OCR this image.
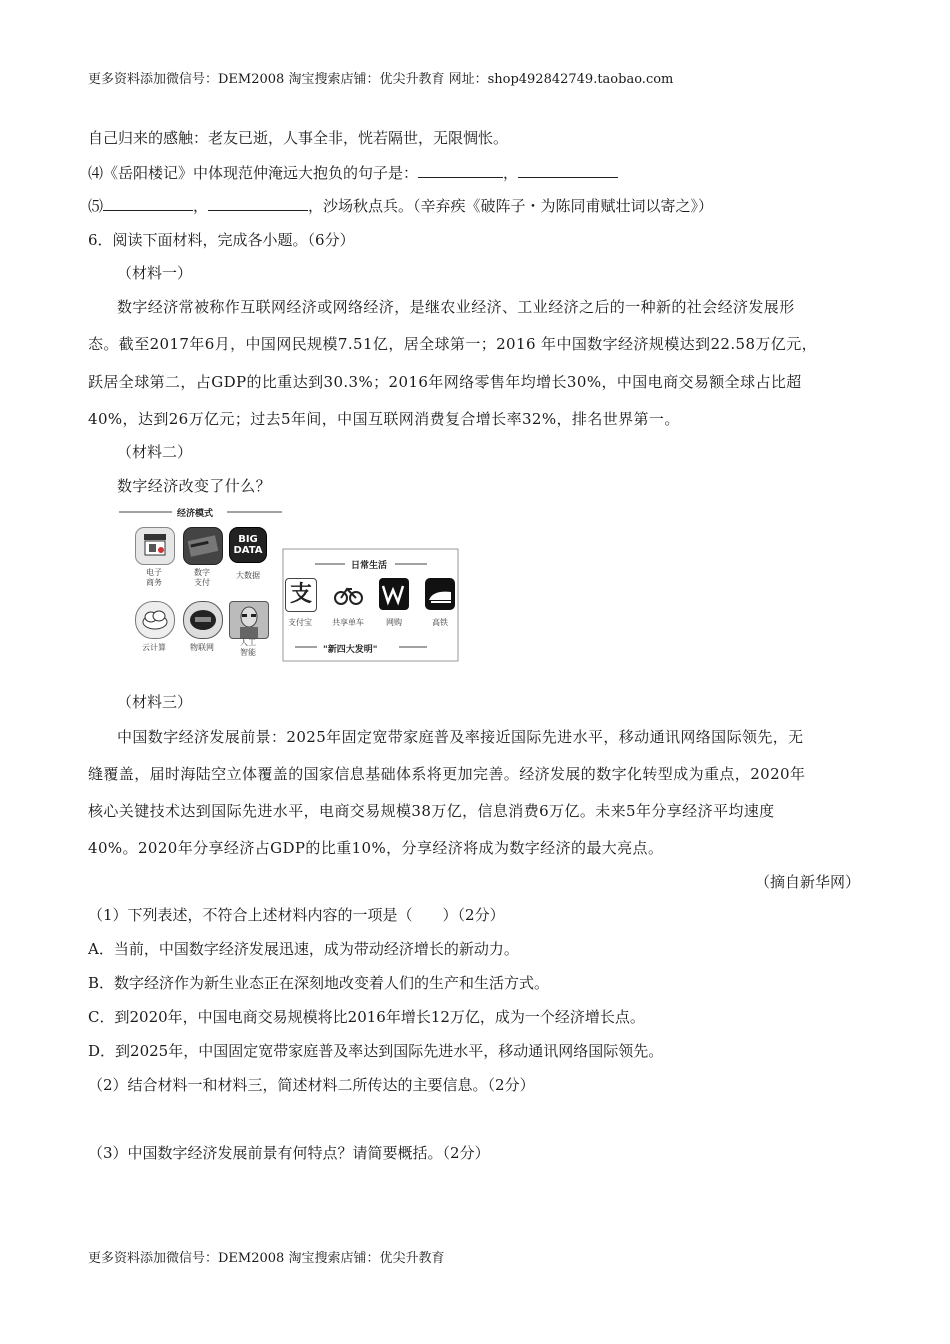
更多资料添加微信号：DEM2008 淘宝搜索店铺：优尖升教育 网址：shop492842749.taobao.com
自己归来的感触：老友已逝，人事全非，恍若隔世，无限惆怅。
⑷《岳阳楼记》中体现范仲淹远大抱负的句子是：	，
⑸	，	，沙场秋点兵。（辛弃疾《破阵子・为陈同甫赋壮词以寄之》）
6．阅读下面材料，完成各小题。（6分）
（材料一）
数字经济常被称作互联网经济或网络经济，是继农业经济、工业经济之后的一种新的社会经济发展形
态。截至2017年6月，中国网民规模7.51亿，居全球第一；2016 年中国数字经济规模达到22.58万亿元，
跃居全球第二，占GDP的比重达到30.3%；2016年网络零售年均增长30%，中国电商交易额全球占比超
40%，达到26万亿元；过去5年间，中国互联网消费复合增长率32%，排名世界第一。
（材料二）
数字经济改变了什么？
经济模式
BIG
DATA
电子
商务
数字
支付
大数据
云计算	物联网
人工
智能
日常生活
支
支付宝	共享单车	网购	高铁
"新四大发明"
（材料三）
中国数字经济发展前景：2025年固定宽带家庭普及率接近国际先进水平，移动通讯网络国际领先，无
缝覆盖，届时海陆空立体覆盖的国家信息基础体系将更加完善。经济发展的数字化转型成为重点，2020年
核心关键技术达到国际先进水平，电商交易规模38万亿，信息消费6万亿。未来5年分享经济平均速度
40%。2020年分享经济占GDP的比重10%，分享经济将成为数字经济的最大亮点。
（摘自新华网）
（1）下列表述，不符合上述材料内容的一项是（　　）（2分）
A．当前，中国数字经济发展迅速，成为带动经济增长的新动力。
B．数字经济作为新生业态正在深刻地改变着人们的生产和生活方式。
C．到2020年，中国电商交易规模将比2016年增长12万亿，成为一个经济增长点。
D．到2025年，中国固定宽带家庭普及率达到国际先进水平，移动通讯网络国际领先。
（2）结合材料一和材料三，简述材料二所传达的主要信息。（2分）
（3）中国数字经济发展前景有何特点？请简要概括。（2分）
更多资料添加微信号：DEM2008 淘宝搜索店铺：优尖升教育
